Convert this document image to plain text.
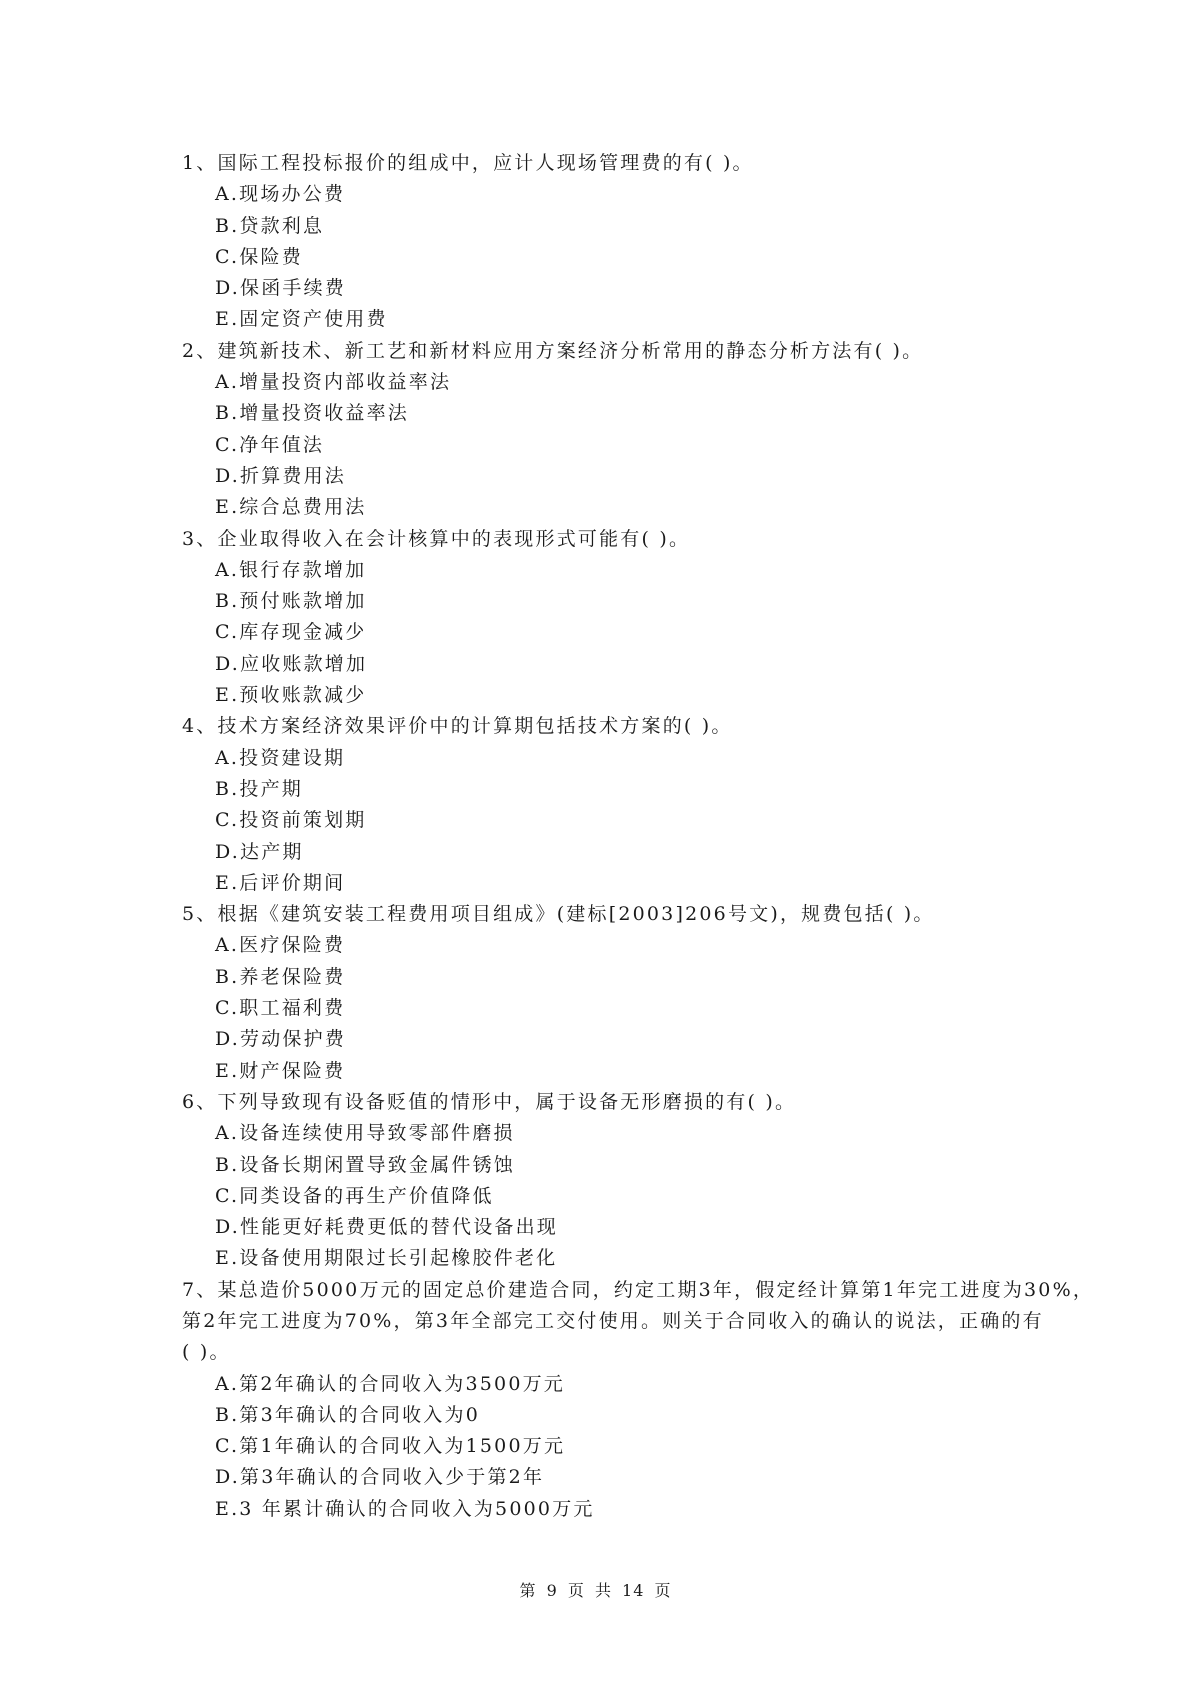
1、国际工程投标报价的组成中，应计人现场管理费的有( )。
A.现场办公费
B.贷款利息
C.保险费
D.保函手续费
E.固定资产使用费
2、建筑新技术、新工艺和新材料应用方案经济分析常用的静态分析方法有( )。
A.增量投资内部收益率法
B.增量投资收益率法
C.净年值法
D.折算费用法
E.综合总费用法
3、企业取得收入在会计核算中的表现形式可能有( )。
A.银行存款增加
B.预付账款增加
C.库存现金减少
D.应收账款增加
E.预收账款减少
4、技术方案经济效果评价中的计算期包括技术方案的( )。
A.投资建设期
B.投产期
C.投资前策划期
D.达产期
E.后评价期间
5、根据《建筑安装工程费用项目组成》(建标[2003]206号文)，规费包括( )。
A.医疗保险费
B.养老保险费
C.职工福利费
D.劳动保护费
E.财产保险费
6、下列导致现有设备贬值的情形中，属于设备无形磨损的有( )。
A.设备连续使用导致零部件磨损
B.设备长期闲置导致金属件锈蚀
C.同类设备的再生产价值降低
D.性能更好耗费更低的替代设备出现
E.设备使用期限过长引起橡胶件老化
7、某总造价5000万元的固定总价建造合同，约定工期3年，假定经计算第1年完工进度为30%，
第2年完工进度为70%，第3年全部完工交付使用。则关于合同收入的确认的说法，正确的有
( )。
A.第2年确认的合同收入为3500万元
B.第3年确认的合同收入为0
C.第1年确认的合同收入为1500万元
D.第3年确认的合同收入少于第2年
E.3 年累计确认的合同收入为5000万元
第 9 页 共 14 页
